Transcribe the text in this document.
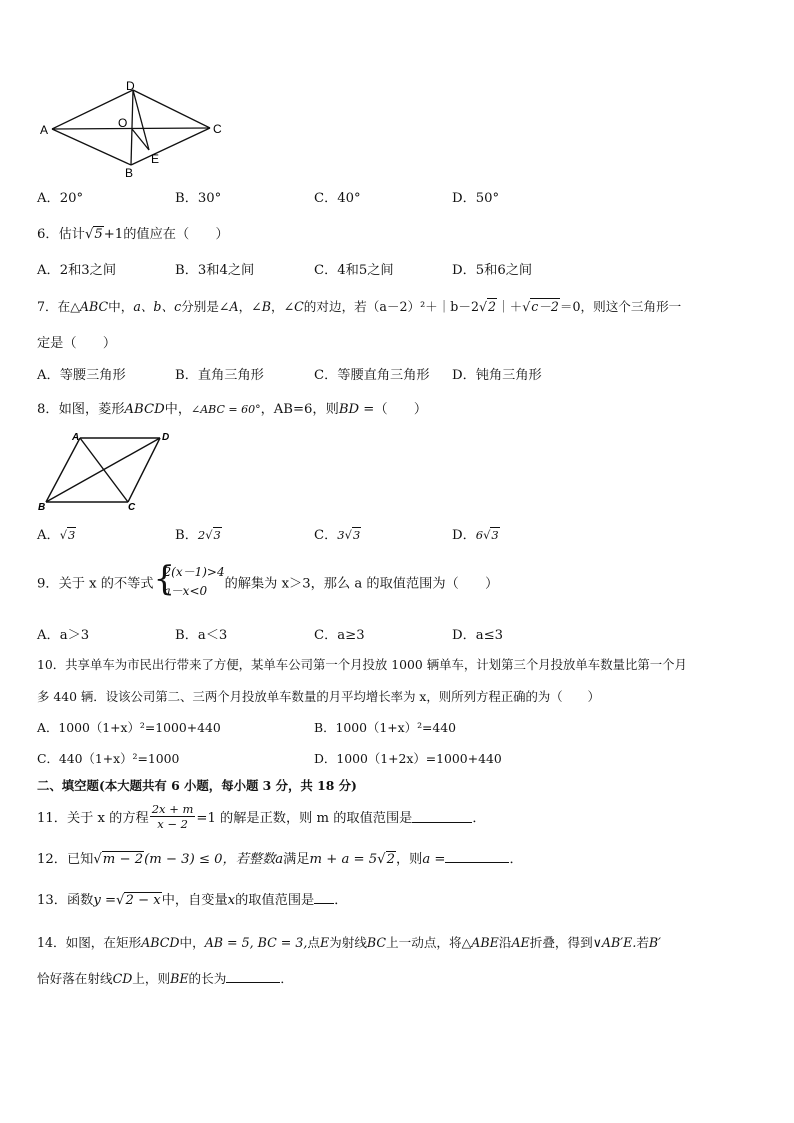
A
D
C
B
O
E
A．20°	B．30°	C．40°	D．50°
6．估计√5+1的值应在（　　）
A．2和3之间	B．3和4之间	C．4和5之间	D．5和6之间
7．在△ABC中，a、b、c分别是∠A，∠B，∠C的对边，若（a－2）²＋｜b－2√2｜＋√c－2＝0，则这个三角形一
定是（　　）
A．等腰三角形	B．直角三角形	C．等腰直角三角形 D．钝角三角形
8．如图，菱形ABCD中，∠ABC = 60°，AB=6，则BD =（　　）
A	D
B	C
A．√3	B．2√3	C．3√3	D．6√3
9．关于 x 的不等式 {
2(x－1)>4
a－x<0	的解集为 x＞3，那么 a 的取值范围为（　　）
A．a＞3	B．a＜3	C．a≥3	D．a≤3
10．共享单车为市民出行带来了方便，某单车公司第一个月投放 1000 辆单车，计划第三个月投放单车数量比第一个月
多 440 辆．设该公司第二、三两个月投放单车数量的月平均增长率为 x，则所列方程正确的为（　　）
A．1000（1+x）²=1000+440	B．1000（1+x）²=440
C．440（1+x）²=1000	D．1000（1+2x）=1000+440
二、填空题(本大题共有 6 小题，每小题 3 分，共 18 分)
11．关于 x 的方程 $\frac{2x + m}{x - 2} =1$ 的解是正数，则 m 的取值范围是	．
12．已知√m − 2(m − 3) ≤ 0，若整数a满足m + a = 5√2，则a =	．
13．函数y =√2 − x中，自变量x的取值范围是 ．
14．如图，在矩形ABCD中，AB = 5, BC = 3,点E为射线BC上一动点，将△ABE沿AE折叠，得到∨AB′E.若B′
恰好落在射线CD上，则BE的长为	．
